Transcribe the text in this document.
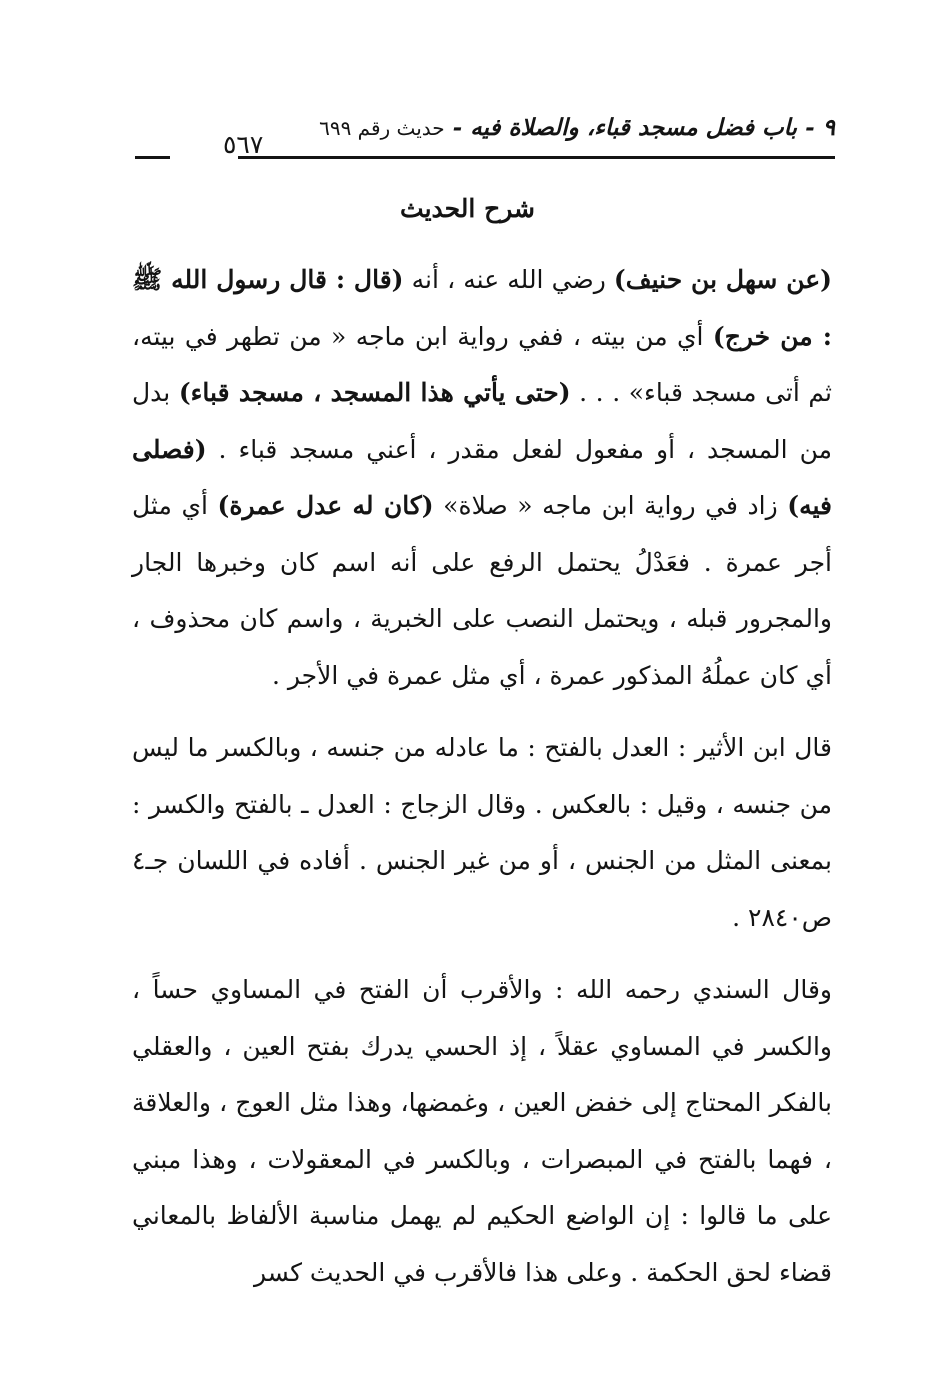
٩ - باب فضل مسجد قباء، والصلاة فيه - حديث رقم ٦٩٩
٥٦٧
شرح الحديث

(عن سهل بن حنيف) رضي الله عنه ، أنه (قال : قال رسول الله ﷺ : من خرج) أي من بيته ، ففي رواية ابن ماجه « من تطهر في بيته، ثم أتى مسجد قباء» . . . (حتى يأتي هذا المسجد ، مسجد قباء) بدل من المسجد ، أو مفعول لفعل مقدر ، أعني مسجد قباء . (فصلى فيه) زاد في رواية ابن ماجه « صلاة» (كان له عدل عمرة) أي مثل أجر عمرة . فعَدْلُ يحتمل الرفع على أنه اسم كان وخبرها الجار والمجرور قبله ، ويحتمل النصب على الخبرية ، واسم كان محذوف ، أي كان عملُهُ المذكور عمرة ، أي مثل عمرة في الأجر .

قال ابن الأثير : العدل بالفتح : ما عادله من جنسه ، وبالكسر ما ليس من جنسه ، وقيل : بالعكس . وقال الزجاج : العدل ـ بالفتح والكسر : بمعنى المثل من الجنس ، أو من غير الجنس . أفاده في اللسان جـ٤ ص٢٨٤٠ .

وقال السندي رحمه الله : والأقرب أن الفتح في المساوي حساً ، والكسر في المساوي عقلاً ، إذ الحسي يدرك بفتح العين ، والعقلي بالفكر المحتاج إلى خفض العين ، وغمضها، وهذا مثل العوج ، والعلاقة ، فهما بالفتح في المبصرات ، وبالكسر في المعقولات ، وهذا مبني على ما قالوا : إن الواضع الحكيم لم يهمل مناسبة الألفاظ بالمعاني قضاء لحق الحكمة . وعلى هذا فالأقرب في الحديث كسر
